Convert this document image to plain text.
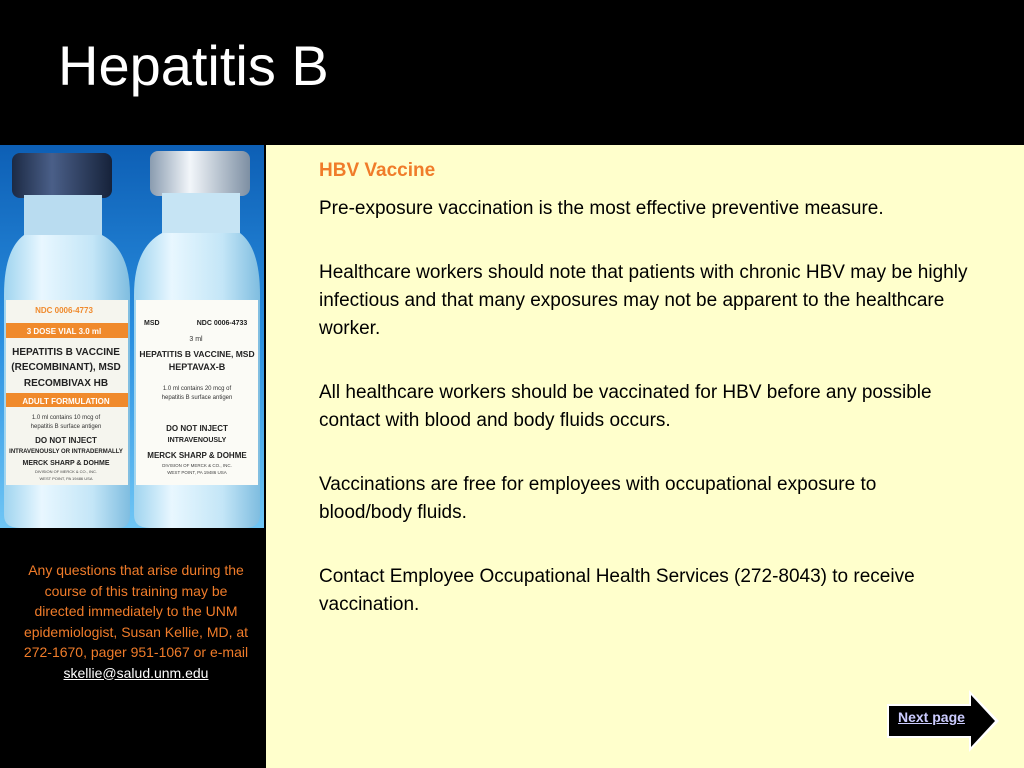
Hepatitis B
NDC 0006-4773
3 DOSE VIAL 3.0 ml
HEPATITIS B VACCINE
(RECOMBINANT), MSD
RECOMBIVAX HB
ADULT FORMULATION
1.0 ml contains 10 mcg of
hepatitis B surface antigen
DO NOT INJECT
INTRAVENOUSLY OR INTRADERMALLY
MERCK SHARP & DOHME
DIVISION OF MERCK & CO., INC.
WEST POINT, PA 19486 USA
MSD	NDC 0006-4733
3 ml
HEPATITIS B VACCINE, MSD
HEPTAVAX-B
1.0 ml contains 20 mcg of
hepatitis B surface antigen
DO NOT INJECT
INTRAVENOUSLY
MERCK SHARP & DOHME
DIVISION OF MERCK & CO., INC.
WEST POINT, PA 19486 USA
Any questions that arise during the course of this training may be directed immediately to the UNM epidemiologist, Susan Kellie, MD, at 272-1670, pager 951-1067 or e-mail
skellie@salud.unm.edu

HBV Vaccine

Pre-exposure vaccination is the most effective preventive measure.

Healthcare workers should note that patients with chronic HBV may be highly infectious and that many exposures may not be apparent to the healthcare worker.

All healthcare workers should be vaccinated for HBV before any possible contact with blood and body fluids occurs.

Vaccinations are free for employees with occupational exposure to blood/body fluids.

Contact Employee Occupational Health Services (272-8043) to receive vaccination.

Next page
